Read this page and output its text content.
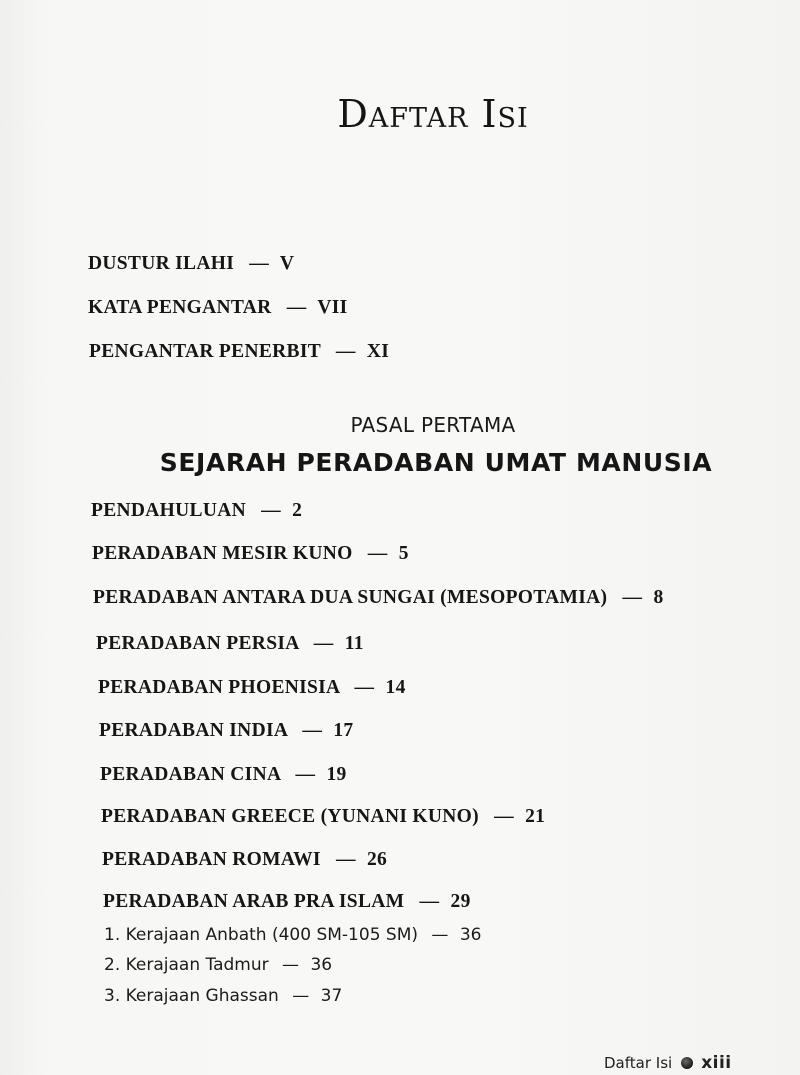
Daftar Isi
DUSTUR ILAHI — V
KATA PENGANTAR — VII
PENGANTAR PENERBIT — XI
PASAL PERTAMA
SEJARAH PERADABAN UMAT MANUSIA
PENDAHULUAN — 2
PERADABAN MESIR KUNO — 5
PERADABAN ANTARA DUA SUNGAI (MESOPOTAMIA) — 8
PERADABAN PERSIA — 11
PERADABAN PHOENISIA — 14
PERADABAN INDIA — 17
PERADABAN CINA — 19
PERADABAN GREECE (YUNANI KUNO) — 21
PERADABAN ROMAWI — 26
PERADABAN ARAB PRA ISLAM — 29
1. Kerajaan Anbath (400 SM-105 SM) — 36
2. Kerajaan Tadmur — 36
3. Kerajaan Ghassan — 37
Daftar Isi xiii
